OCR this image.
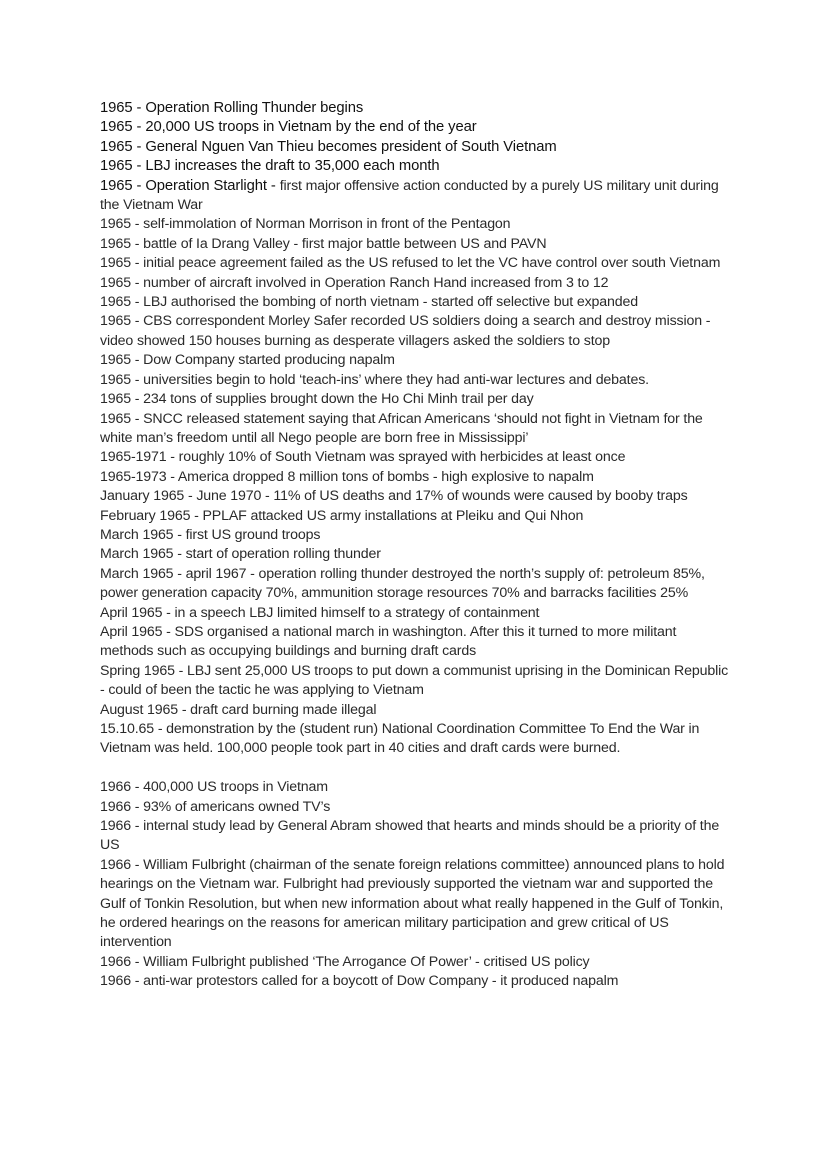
1965 - Operation Rolling Thunder begins

1965 - 20,000 US troops in Vietnam by the end of the year

1965 - General Nguen Van Thieu becomes president of South Vietnam

1965 - LBJ increases the draft to 35,000 each month

1965 - Operation Starlight - first major offensive action conducted by a purely US military unit during the Vietnam War

1965 - self-immolation of Norman Morrison in front of the Pentagon

1965 - battle of Ia Drang Valley - first major battle between US and PAVN

1965 - initial peace agreement failed as the US refused to let the VC have control over south Vietnam

1965 - number of aircraft involved in Operation Ranch Hand increased from 3 to 12

1965 - LBJ authorised the bombing of north vietnam - started off selective but expanded

1965 - CBS correspondent Morley Safer recorded US soldiers doing a search and destroy mission - video showed 150 houses burning as desperate villagers asked the soldiers to stop

1965 - Dow Company started producing napalm

1965 - universities begin to hold ‘teach-ins’ where they had anti-war lectures and debates.

1965 - 234 tons of supplies brought down the Ho Chi Minh trail per day

1965 - SNCC released statement saying that African Americans ‘should not fight in Vietnam for the white man’s freedom until all Nego people are born free in Mississippi’

1965-1971 - roughly 10% of South Vietnam was sprayed with herbicides at least once

1965-1973 - America dropped 8 million tons of bombs - high explosive to napalm

January 1965 - June 1970 - 11% of US deaths and 17% of wounds were caused by booby traps

February 1965 - PPLAF attacked US army installations at Pleiku and Qui Nhon

March 1965 - first US ground troops

March 1965 - start of operation rolling thunder

March 1965 - april 1967 - operation rolling thunder destroyed the north’s supply of: petroleum 85%, power generation capacity 70%, ammunition storage resources 70% and barracks facilities 25%

April 1965 - in a speech LBJ limited himself to a strategy of containment

April 1965 - SDS organised a national march in washington. After this it turned to more militant methods such as occupying buildings and burning draft cards

Spring 1965 - LBJ sent 25,000 US troops to put down a communist uprising in the Dominican Republic - could of been the tactic he was applying to Vietnam

August 1965 - draft card burning made illegal

15.10.65 - demonstration by the (student run) National Coordination Committee To End the War in Vietnam was held. 100,000 people took part in 40 cities and draft cards were burned.

1966 - 400,000 US troops in Vietnam

1966 - 93% of americans owned TV’s

1966 - internal study lead by General Abram showed that hearts and minds should be a priority of the US

1966 - William Fulbright (chairman of the senate foreign relations committee) announced plans to hold hearings on the Vietnam war. Fulbright had previously supported the vietnam war and supported the Gulf of Tonkin Resolution, but when new information about what really happened in the Gulf of Tonkin, he ordered hearings on the reasons for american military participation and grew critical of US intervention

1966 - William Fulbright published ‘The Arrogance Of Power’ - critised US policy

1966 - anti-war protestors called for a boycott of Dow Company - it produced napalm
